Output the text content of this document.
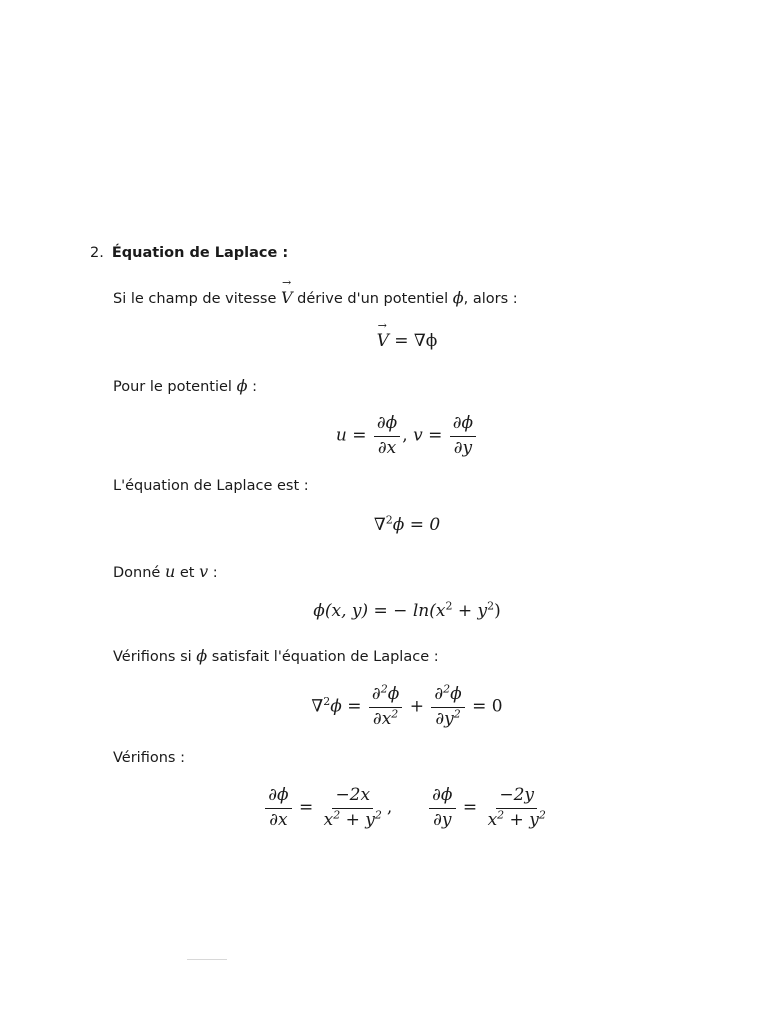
2. Équation de Laplace :
Si le champ de vitesse → V dérive d'un potentiel ϕ, alors :
→ V = ∇ϕ
Pour le potentiel ϕ :
$u = \frac{\partial\phi}{\partial x}$ , $v = \frac{\partial\phi}{\partial y}$
L'équation de Laplace est :
∇$^2$ϕ = 0
Donné u et v :
ϕ(x, y) = − $\ln(x^2 + y^2)$
Vérifions si ϕ satisfait l'équation de Laplace :
$\nabla^2\phi = \frac{\partial^2\phi}{\partial x^2} + \frac{\partial^2\phi}{\partial y^2} = 0$
Vérifions :
$\frac{\partial\phi}{\partial x} = \frac{-2x}{x^2 + y^2}$ , $\frac{\partial\phi}{\partial y} = \frac{-2y}{x^2 + y^2}$
